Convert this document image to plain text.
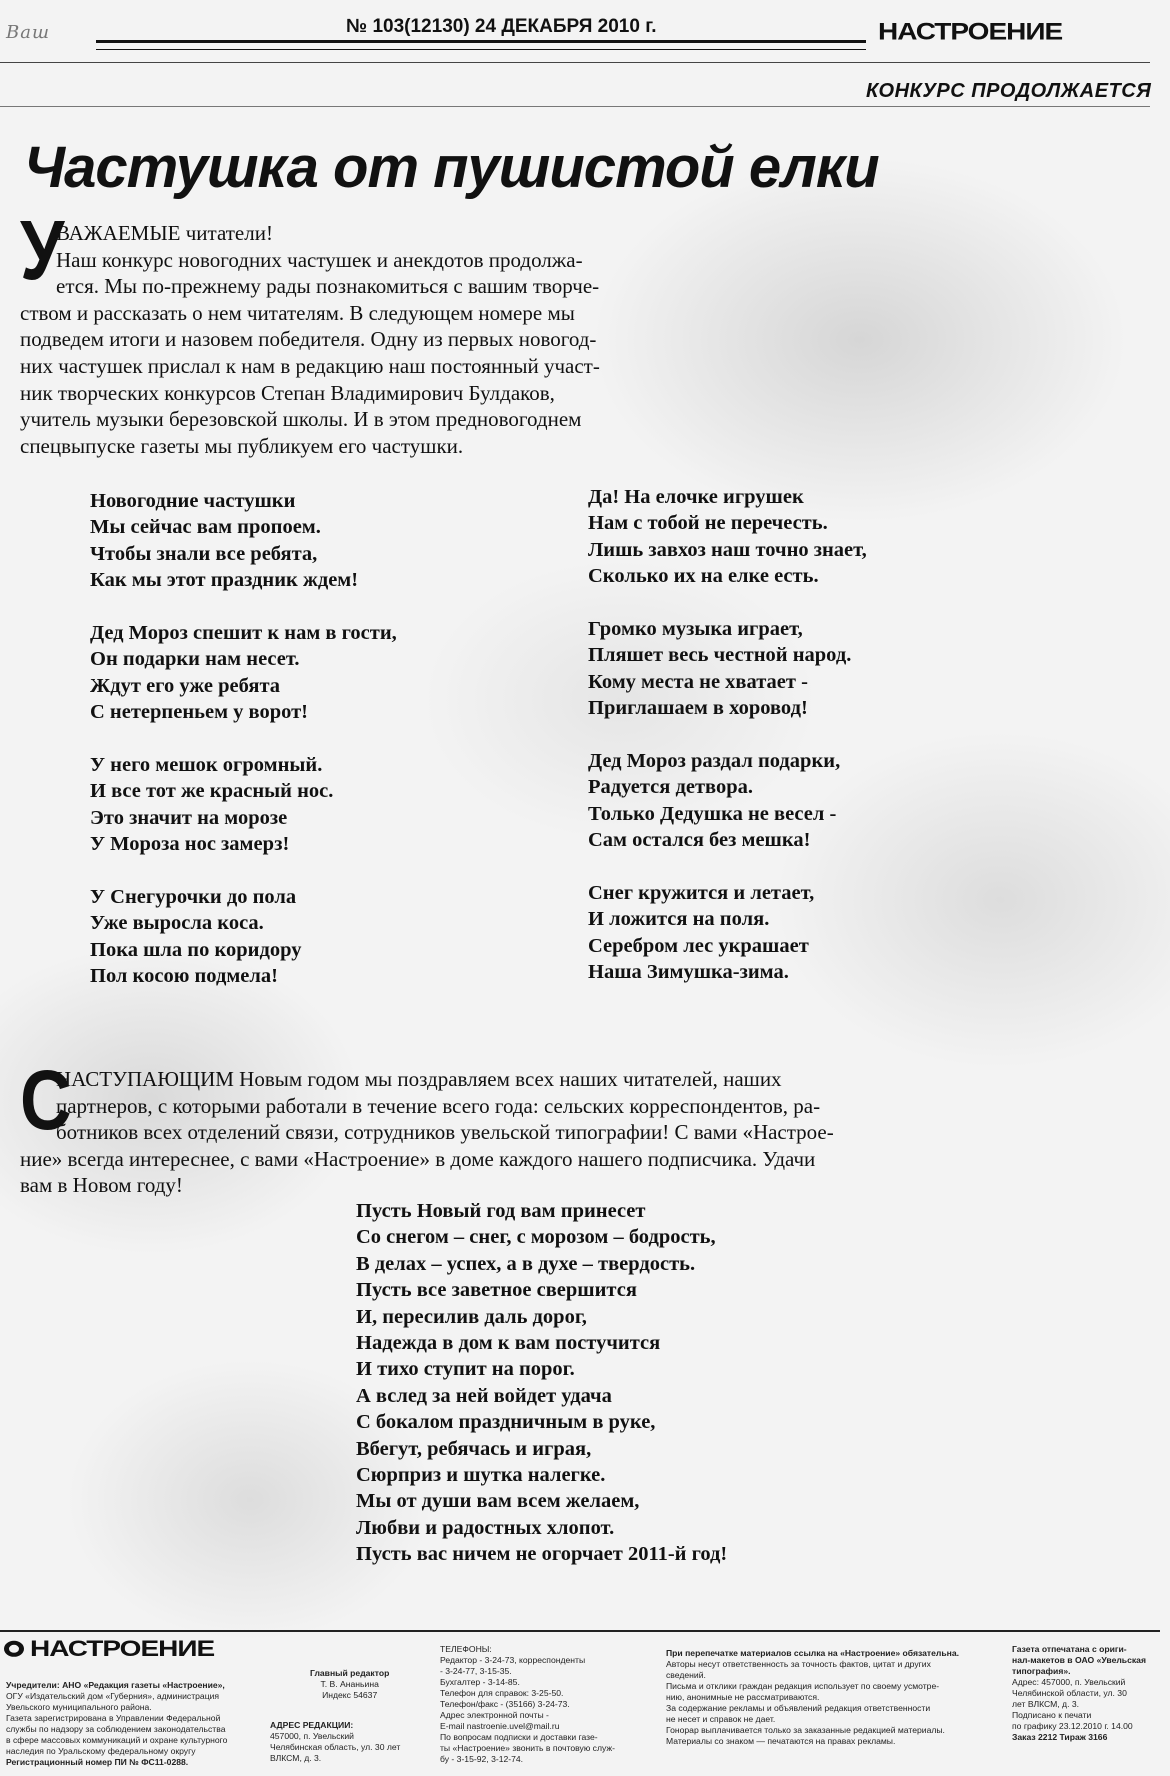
Ваш	№ 103(12130) 24 ДЕКАБРЯ 2010 г.	НАСТРОЕНИЕ
КОНКУРС ПРОДОЛЖАЕТСЯ
Частушка от пушистой елки
У
ВАЖАЕМЫЕ читатели!
Наш конкурс новогодних частушек и анекдотов продолжа-
ется. Мы по-прежнему рады познакомиться с вашим творче-
ством и рассказать о нем читателям. В следующем номере мы
подведем итоги и назовем победителя. Одну из первых новогод-
них частушек прислал к нам в редакцию наш постоянный участ-
ник творческих конкурсов Степан Владимирович Булдаков,
учитель музыки березовской школы. И в этом предновогоднем
спецвыпуске газеты мы публикуем его частушки.
Новогодние частушки
Мы сейчас вам пропоем.
Чтобы знали все ребята,
Как мы этот праздник ждем!
Дед Мороз спешит к нам в гости,
Он подарки нам несет.
Ждут его уже ребята
С нетерпеньем у ворот!
У него мешок огромный.
И все тот же красный нос.
Это значит на морозе
У Мороза нос замерз!
У Снегурочки до пола
Уже выросла коса.
Пока шла по коридору
Пол косою подмела!
Да! На елочке игрушек
Нам с тобой не перечесть.
Лишь завхоз наш точно знает,
Сколько их на елке есть.
Громко музыка играет,
Пляшет весь честной народ.
Кому места не хватает -
Приглашаем в хоровод!
Дед Мороз раздал подарки,
Радуется детвора.
Только Дедушка не весел -
Сам остался без мешка!
Снег кружится и летает,
И ложится на поля.
Серебром лес украшает
Наша Зимушка-зима.
С
НАСТУПАЮЩИМ Новым годом мы поздравляем всех наших читателей, наших
партнеров, с которыми работали в течение всего года: сельских корреспондентов, ра-
ботников всех отделений связи, сотрудников увельской типографии! С вами «Настрое-
ние» всегда интереснее, с вами «Настроение» в доме каждого нашего подписчика. Удачи
вам в Новом году!
Пусть Новый год вам принесет
Со снегом – снег, с морозом – бодрость,
В делах – успех, а в духе – твердость.
Пусть все заветное свершится
И, пересилив даль дорог,
Надежда в дом к вам постучится
И тихо ступит на порог.
А вслед за ней войдет удача
С бокалом праздничным в руке,
Вбегут, ребячась и играя,
Сюрприз и шутка налегке.
Мы от души вам всем желаем,
Любви и радостных хлопот.
Пусть вас ничем не огорчает 2011-й год!
НАСТРОЕНИЕ
Учредители: АНО «Редакция газеты «Настроение»,
ОГУ «Издательский дом «Губерния», администрация
Увельского муниципального района.
Газета зарегистрирована в Управлении Федеральной
службы по надзору за соблюдением законодательства
в сфере массовых коммуникаций и охране культурного
наследия по Уральскому федеральному округу
Регистрационный номер ПИ № ФС11-0288.
Главный редактор
Т. В. Ананьина
Индекс 54637
АДРЕС РЕДАКЦИИ:
457000, п. Увельский
Челябинская область, ул. 30 лет
ВЛКСМ, д. 3.
ТЕЛЕФОНЫ:
Редактор - 3-24-73, корреспонденты
- 3-24-77, 3-15-35.
Бухгалтер - 3-14-85.
Телефон для справок: 3-25-50.
Телефон/факс - (35166) 3-24-73.
Адрес электронной почты -
E-mail nastroenie.uvel@mail.ru
По вопросам подписки и доставки газе-
ты «Настроение» звонить в почтовую служ-
бу - 3-15-92, 3-12-74.
При перепечатке материалов ссылка на «Настроение» обязательна.
Авторы несут ответственность за точность фактов, цитат и других
сведений.
Письма и отклики граждан редакция использует по своему усмотре-
нию, анонимные не рассматриваются.
За содержание рекламы и объявлений редакция ответственности
не несет и справок не дает.
Гонорар выплачивается только за заказанные редакцией материалы.
Материалы со знаком — печатаются на правах рекламы.
Газета отпечатана с ориги-
нал-макетов в ОАО «Увельская
типография».
Адрес: 457000, п. Увельский
Челябинской области, ул. 30
лет ВЛКСМ, д. 3.
Подписано к печати
по графику 23.12.2010 г. 14.00
Заказ 2212 Тираж 3166
